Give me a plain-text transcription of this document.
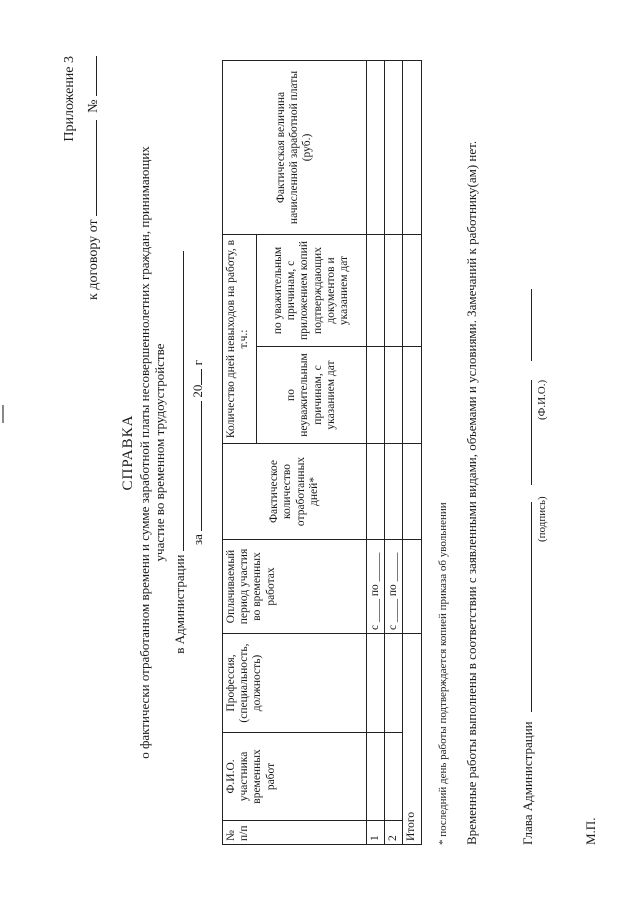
Приложение 3
к договору от   №
СПРАВКА о фактически отработанном времени и сумме заработной платы несовершеннолетних граждан, принимающих участие во временном трудоустройстве
в Администрации
за  20 г
№ п/п	Ф.И.О. участника временных работ	Профессия, (специальность, должность)	Оплачиваемый период участия во временных работах	Фактическое количество отработанных дней*	Количество дней невыходов на работу, в т.ч.:		Фактическая величина начисленной заработной платы (руб.)
					по неуважительным причинам, с указанием дат	по уважительным причинам, с приложением копий подтверждающих документов и указанием дат	
1			с ____ по _____				
2			с ____ по _____				
Итого							* последний день работы подтверждается копией приказа об увольнении Временные работы выполнены в соответствии с заявленными видами, объемами и условиями. Замечаний к работнику(ам) нет.	Глава Администрации
(подпись)
(Ф.И.О.)
М.П.
